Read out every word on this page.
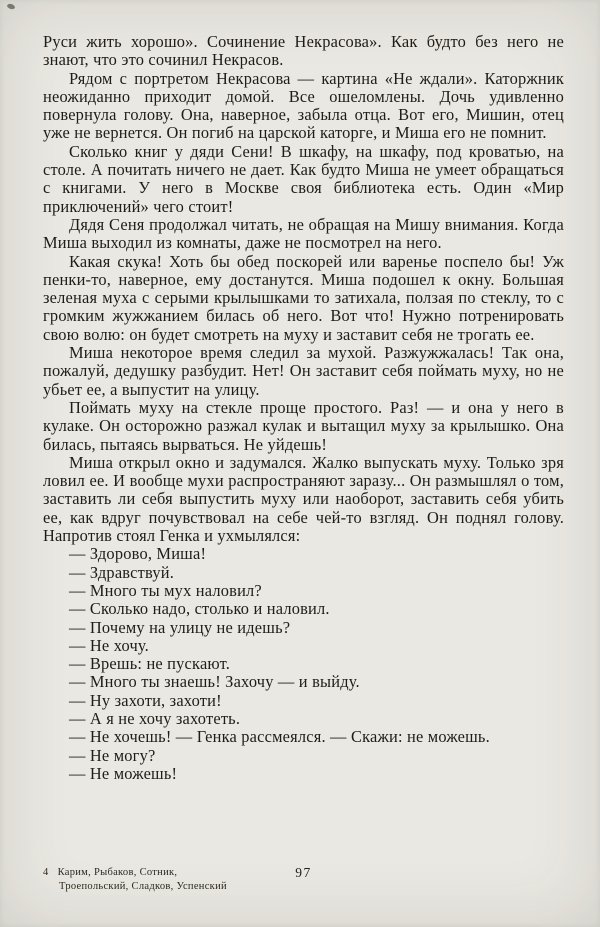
Руси жить хорошо». Сочинение Некрасова». Как будто без него не знают, что это сочинил Некрасов.

Рядом с портретом Некрасова — картина «Не ждали». Каторжник неожиданно приходит домой. Все ошеломлены. Дочь удивленно повернула голову. Она, наверное, забыла отца. Вот его, Мишин, отец уже не вернется. Он погиб на царской каторге, и Миша его не помнит.

Сколько книг у дяди Сени! В шкафу, на шкафу, под кроватью, на столе. А почитать ничего не дает. Как будто Миша не умеет обращаться с книгами. У него в Москве своя библиотека есть. Один «Мир приключений» чего стоит!

Дядя Сеня продолжал читать, не обращая на Мишу внимания. Когда Миша выходил из комнаты, даже не посмотрел на него.

Какая скука! Хоть бы обед поскорей или варенье поспело бы! Уж пенки-то, наверное, ему достанутся. Миша подошел к окну. Большая зеленая муха с серыми крылышками то затихала, ползая по стеклу, то с громким жужжанием билась об него. Вот что! Нужно потренировать свою волю: он будет смотреть на муху и заставит себя не трогать ее.

Миша некоторое время следил за мухой. Разжужжалась! Так она, пожалуй, дедушку разбудит. Нет! Он заставит себя поймать муху, но не убьет ее, а выпустит на улицу.

Поймать муху на стекле проще простого. Раз! — и она у него в кулаке. Он осторожно разжал кулак и вытащил муху за крылышко. Она билась, пытаясь вырваться. Не уйдешь!

Миша открыл окно и задумался. Жалко выпускать муху. Только зря ловил ее. И вообще мухи распространяют заразу... Он размышлял о том, заставить ли себя выпустить муху или наоборот, заставить себя убить ее, как вдруг почувствовал на себе чей-то взгляд. Он поднял голову. Напротив стоял Генка и ухмылялся:

— Здорово, Миша!

— Здравствуй.

— Много ты мух наловил?

— Сколько надо, столько и наловил.

— Почему на улицу не идешь?

— Не хочу.

— Врешь: не пускают.

— Много ты знаешь! Захочу — и выйду.

— Ну захоти, захоти!

— А я не хочу захотеть.

— Не хочешь! — Генка рассмеялся. — Скажи: не можешь.

— Не могу?

— Не можешь!

4 Карим, Рыбаков, Сотник,
Троепольский, Сладков, Успенский
97
